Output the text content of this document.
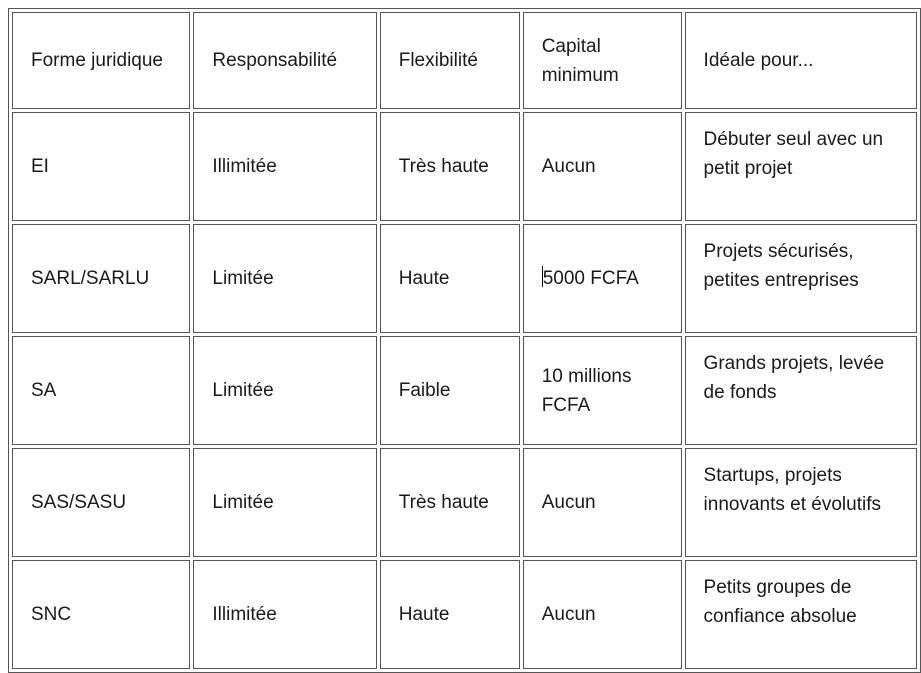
Forme juridique	Responsabilité	Flexibilité	Capital minimum	Idéale pour...
EI	Illimitée	Très haute	Aucun	Débuter seul avec un petit projet
SARL/SARLU	Limitée	Haute	5000 FCFA	Projets sécurisés, petites entreprises
SA	Limitée	Faible	10 millions FCFA	Grands projets, levée de fonds
SAS/SASU	Limitée	Très haute	Aucun	Startups, projets innovants et évolutifs
SNC	Illimitée	Haute	Aucun	Petits groupes de confiance absolue
